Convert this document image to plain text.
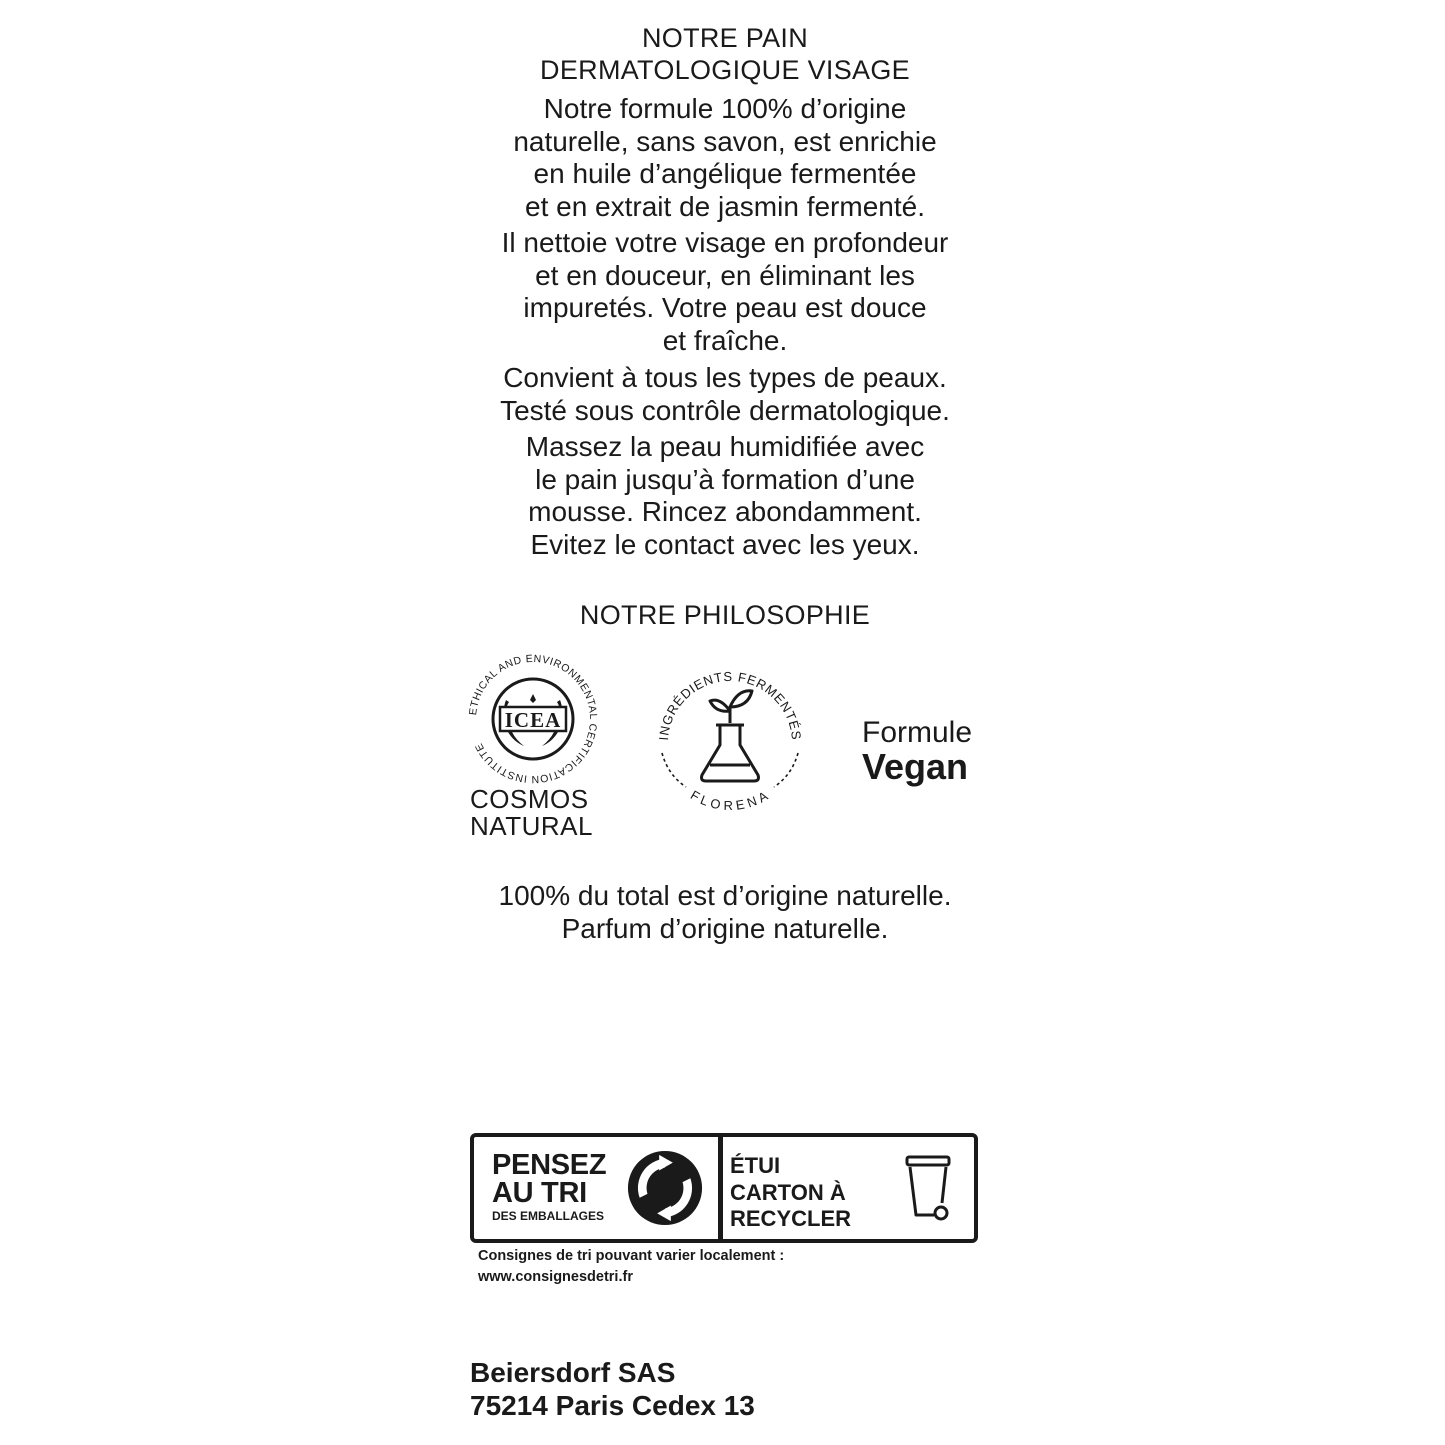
NOTRE PAIN
DERMATOLOGIQUE VISAGE
Notre formule 100% d’origine
naturelle, sans savon, est enrichie
en huile d’angélique fermentée
et en extrait de jasmin fermenté.
Il nettoie votre visage en profondeur
et en douceur, en éliminant les
impuretés. Votre peau est douce
et fraîche.
Convient à tous les types de peaux.
Testé sous contrôle dermatologique.
Massez la peau humidifiée avec
le pain jusqu’à formation d’une
mousse. Rincez abondamment.
Evitez le contact avec les yeux.
NOTRE PHILOSOPHIE
ETHICAL AND ENVIRONMENTAL CERTIFICATION INSTITUTE
ICEA
COSMOS
NATURAL
INGRÉDIENTS FERMENTÉS
FLORENA
Formule
Vegan
100% du total est d’origine naturelle.
Parfum d’origine naturelle.
PENSEZ
AU TRI
DES EMBALLAGES
ÉTUI
CARTON À
RECYCLER
Consignes de tri pouvant varier localement :
www.consignesdetri.fr
Beiersdorf SAS
75214 Paris Cedex 13
